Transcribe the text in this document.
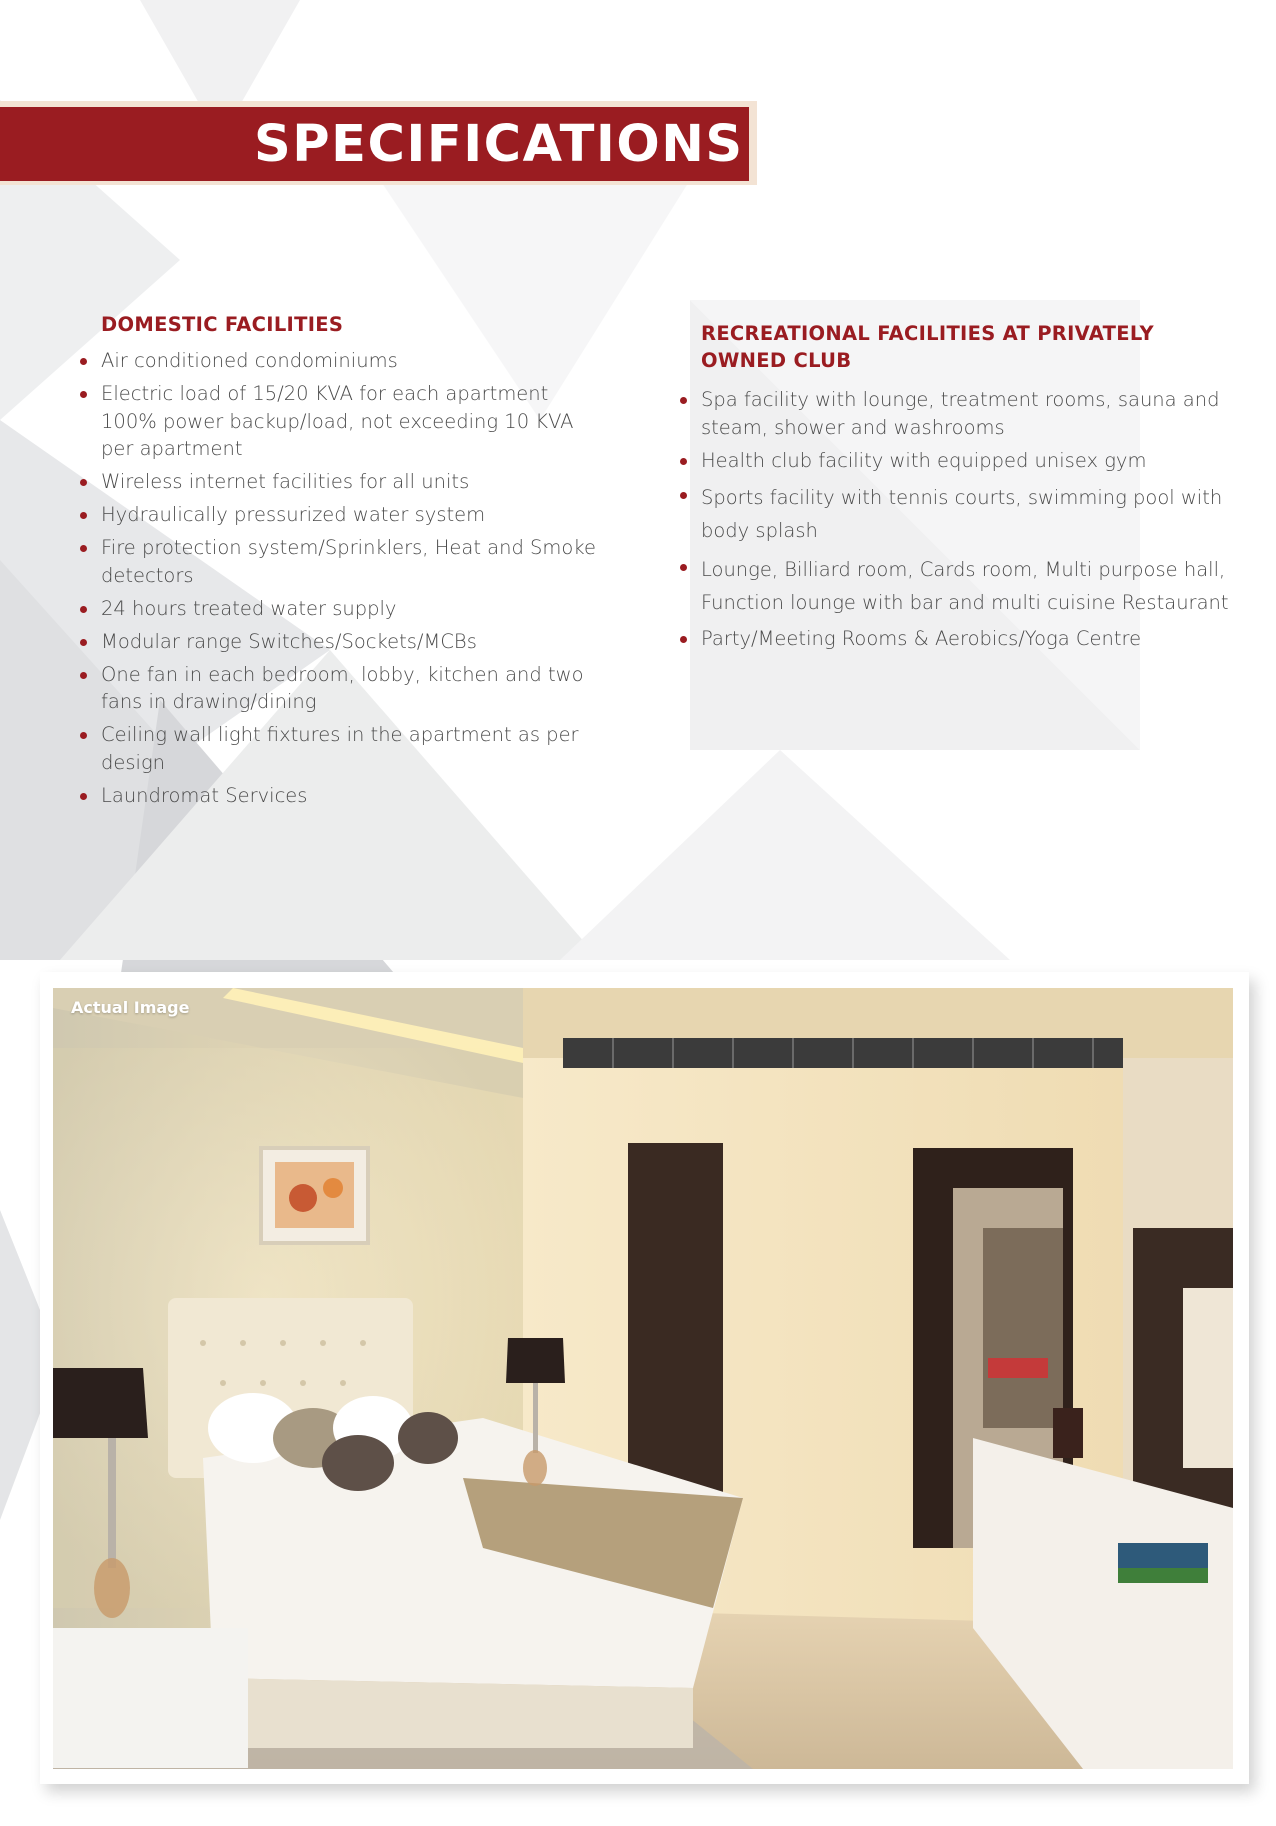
SPECIFICATIONS
DOMESTIC FACILITIES
Air conditioned condominiums
Electric load of 15/20 KVA for each apartment 100% power backup/load, not exceeding 10 KVA per apartment
Wireless internet facilities for all units
Hydraulically pressurized water system
Fire protection system/Sprinklers, Heat and Smoke detectors
24 hours treated water supply
Modular range Switches/Sockets/MCBs
One fan in each bedroom, lobby, kitchen and two fans in drawing/dining
Ceiling wall light fixtures in the apartment as per design
Laundromat Services
RECREATIONAL FACILITIES AT PRIVATELY OWNED CLUB
Spa facility with lounge, treatment rooms, sauna and steam, shower and washrooms
Health club facility with equipped unisex gym
Sports facility with tennis courts, swimming pool with body splash
Lounge, Billiard room, Cards room, Multi purpose hall, Function lounge with bar and multi cuisine Restaurant
Party/Meeting Rooms & Aerobics/Yoga Centre
Actual Image
